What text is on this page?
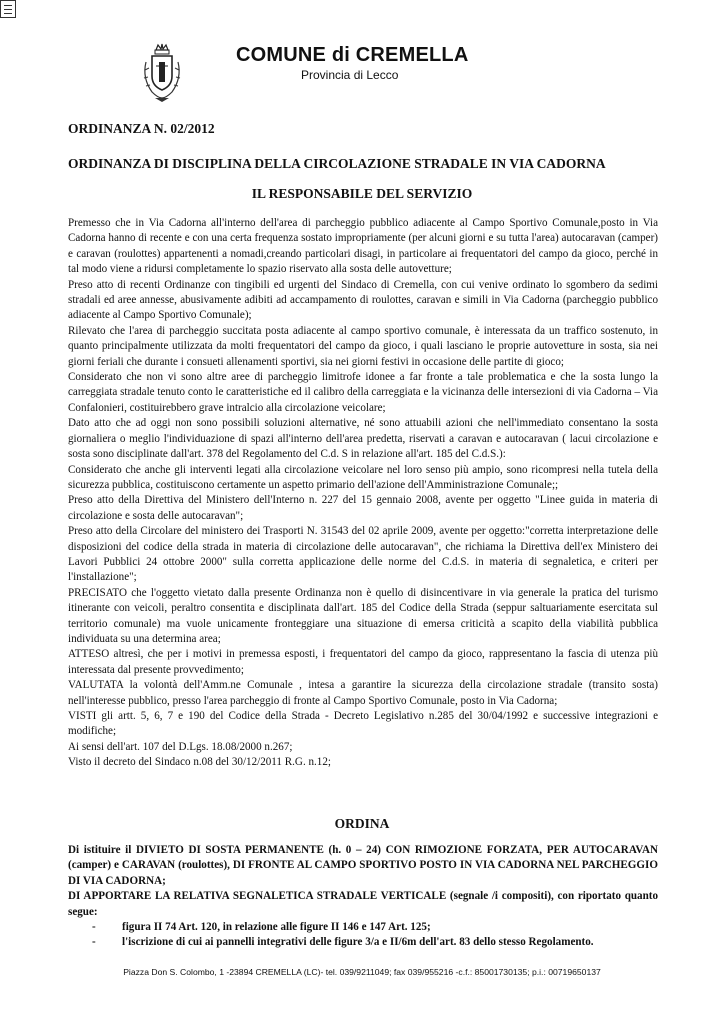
COMUNE di CREMELLA
Provincia di Lecco
ORDINANZA N. 02/2012
ORDINANZA DI DISCIPLINA DELLA CIRCOLAZIONE STRADALE IN VIA CADORNA
IL RESPONSABILE DEL SERVIZIO

Premesso che in Via Cadorna all'interno dell'area di parcheggio pubblico adiacente al Campo Sportivo Comunale,posto in Via Cadorna hanno di recente e con una certa frequenza sostato impropriamente (per alcuni giorni e su tutta l'area) autocaravan (camper) e caravan (roulottes) appartenenti a nomadi,creando particolari disagi, in particolare ai frequentatori del campo da gioco, perché in tal modo viene a ridursi completamente lo spazio riservato alla sosta delle autovetture;

Preso atto di recenti Ordinanze con tingibili ed urgenti del Sindaco di Cremella, con cui venive ordinato lo sgombero da sedimi stradali ed aree annesse, abusivamente adibiti ad accampamento di roulottes, caravan e simili in Via Cadorna (parcheggio pubblico adiacente al Campo Sportivo Comunale);

Rilevato che l'area di parcheggio succitata posta adiacente al campo sportivo comunale, è interessata da un traffico sostenuto, in quanto principalmente utilizzata da molti frequentatori del campo da gioco, i quali lasciano le proprie autovetture in sosta, sia nei giorni feriali che durante i consueti allenamenti sportivi, sia nei giorni festivi in occasione delle partite di gioco;

Considerato che non vi sono altre aree di parcheggio limitrofe idonee a far fronte a tale problematica e che la sosta lungo la carreggiata stradale tenuto conto le caratteristiche ed il calibro della carreggiata e la vicinanza delle intersezioni di via Cadorna – Via Confalonieri, costituirebbero grave intralcio alla circolazione veicolare;

Dato atto che ad oggi non sono possibili soluzioni alternative, né sono attuabili azioni che nell'immediato consentano la sosta giornaliera o meglio l'individuazione di spazi all'interno dell'area predetta, riservati a caravan e autocaravan ( lacui circolazione e sosta sono disciplinate dall'art. 378 del Regolamento del C.d. S in relazione all'art. 185 del C.d.S.):

Considerato che anche gli interventi legati alla circolazione veicolare nel loro senso più ampio, sono ricompresi nella tutela della sicurezza pubblica, costituiscono certamente un aspetto primario dell'azione dell'Amministrazione Comunale;;

Preso atto della Direttiva del Ministero dell'Interno n. 227 del 15 gennaio 2008, avente per oggetto "Linee guida in materia di circolazione e sosta delle autocaravan";

Preso atto della Circolare del ministero dei Trasporti N. 31543 del 02 aprile 2009, avente per oggetto:"corretta interpretazione delle disposizioni del codice della strada in materia di circolazione delle autocaravan", che richiama la Direttiva dell'ex Ministero dei Lavori Pubblici 24 ottobre 2000" sulla corretta applicazione delle norme del C.d.S. in materia di segnaletica, e criteri per l'installazione";

PRECISATO che l'oggetto vietato dalla presente Ordinanza non è quello di disincentivare in via generale la pratica del turismo itinerante con veicoli, peraltro consentita e disciplinata dall'art. 185 del Codice della Strada (seppur saltuariamente esercitata sul territorio comunale) ma vuole unicamente fronteggiare una situazione di emersa criticità a scapito della viabilità pubblica individuata su una determina area;

ATTESO altresì, che per i motivi in premessa esposti, i frequentatori del campo da gioco, rappresentano la fascia di utenza più interessata dal presente provvedimento;

VALUTATA la volontà dell'Amm.ne Comunale , intesa a garantire la sicurezza della circolazione stradale (transito sosta) nell'interesse pubblico, presso l'area parcheggio di fronte al Campo Sportivo Comunale, posto in Via Cadorna;

VISTI gli artt. 5, 6, 7 e 190 del Codice della Strada - Decreto Legislativo n.285 del 30/04/1992 e successive integrazioni e modifiche;

Ai sensi dell'art. 107 del D.Lgs. 18.08/2000 n.267;

Visto il decreto del Sindaco n.08 del 30/12/2011 R.G. n.12;

ORDINA

Di istituire il DIVIETO DI SOSTA PERMANENTE (h. 0 – 24) CON RIMOZIONE FORZATA, PER AUTOCARAVAN (camper) e CARAVAN (roulottes), DI FRONTE AL CAMPO SPORTIVO POSTO IN VIA CADORNA NEL PARCHEGGIO DI VIA CADORNA;

DI APPORTARE LA RELATIVA SEGNALETICA STRADALE VERTICALE (segnale /i compositi), con riportato quanto segue:

- figura II 74 Art. 120, in relazione alle figure II 146 e 147 Art. 125;
- l'iscrizione di cui ai pannelli integrativi delle figure 3/a e II/6m dell'art. 83 dello stesso Regolamento.
Piazza Don S. Colombo, 1 -23894 CREMELLA (LC)- tel. 039/9211049; fax 039/955216 -c.f.: 85001730135; p.i.: 00719650137
